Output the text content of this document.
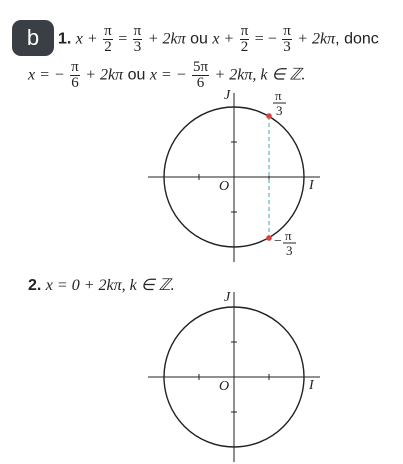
b	1. $x + \frac{\pi}{2} = \frac{\pi}{3} + 2k\pi$ ou $x + \frac{\pi}{2}$ = − $\frac{\pi}{3} + 2k\pi$, donc
x = − $\frac{\pi}{6} + 2k\pi$ ou x = − $\frac{5\pi}{6} + 2k\pi$, k ∈ ℤ.
2. x = 0 + 2kπ, k ∈ ℤ.
J
I
O
π
3
− π
3
J
I
O
